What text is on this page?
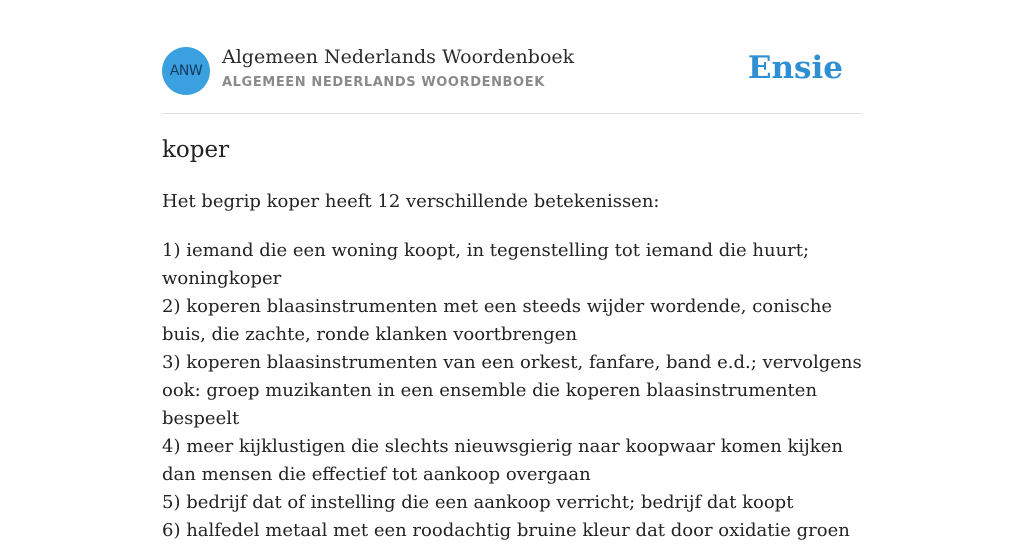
ANW
Algemeen Nederlands Woordenboek
ALGEMEEN NEDERLANDS WOORDENBOEK	Ensie
koper

Het begrip koper heeft 12 verschillende betekenissen:

1) iemand die een woning koopt, in tegenstelling tot iemand die huurt; woningkoper
2) koperen blaasinstrumenten met een steeds wijder wordende, conische buis, die zachte, ronde klanken voortbrengen
3) koperen blaasinstrumenten van een orkest, fanfare, band e.d.; vervolgens ook: groep muzikanten in een ensemble die koperen blaasinstrumenten bespeelt
4) meer kijklustigen die slechts nieuwsgierig naar koopwaar komen kijken dan mensen die effectief tot aankoop overgaan
5) bedrijf dat of instelling die een aankoop verricht; bedrijf dat koopt
6) halfedel metaal met een roodachtig bruine kleur dat door oxidatie groen
